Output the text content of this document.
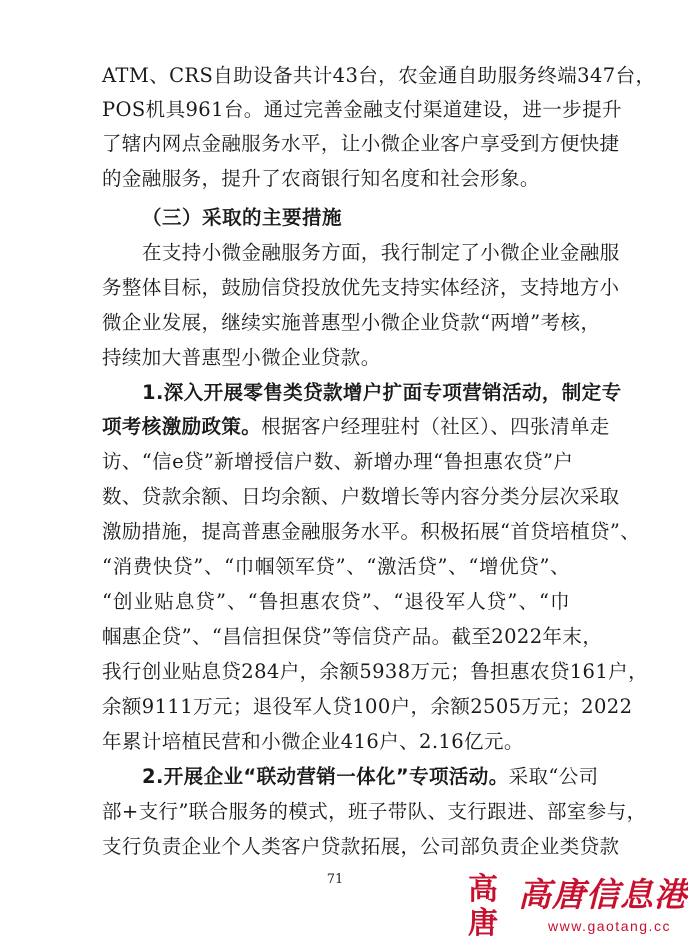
ATM、CRS自助设备共计43台，农金通自助服务终端347台，
POS机具961台。通过完善金融支付渠道建设，进一步提升
了辖内网点金融服务水平，让小微企业客户享受到方便快捷
的金融服务，提升了农商银行知名度和社会形象。
（三）采取的主要措施
在支持小微金融服务方面，我行制定了小微企业金融服
务整体目标，鼓励信贷投放优先支持实体经济，支持地方小
微企业发展，继续实施普惠型小微企业贷款“两增”考核，
持续加大普惠型小微企业贷款。
1.深入开展零售类贷款增户扩面专项营销活动，制定专
项考核激励政策。根据客户经理驻村（社区）、四张清单走
访、“信e贷”新增授信户数、新增办理“鲁担惠农贷”户
数、贷款余额、日均余额、户数增长等内容分类分层次采取
激励措施，提高普惠金融服务水平。积极拓展“首贷培植贷”、
“消费快贷”、“巾帼领军贷”、“激活贷”、“增优贷”、
“创业贴息贷”、“鲁担惠农贷”、“退役军人贷”、“巾
帼惠企贷”、“昌信担保贷”等信贷产品。截至2022年末，
我行创业贴息贷284户，余额5938万元；鲁担惠农贷161户，
余额9111万元；退役军人贷100户，余额2505万元；2022
年累计培植民营和小微企业416户、2.16亿元。
2.开展企业“联动营销一体化”专项活动。采取“公司
部+支行”联合服务的模式，班子带队、支行跟进、部室参与，
支行负责企业个人类客户贷款拓展，公司部负责企业类贷款
71	高
唐
高唐信息港
www.gaotang.cc
